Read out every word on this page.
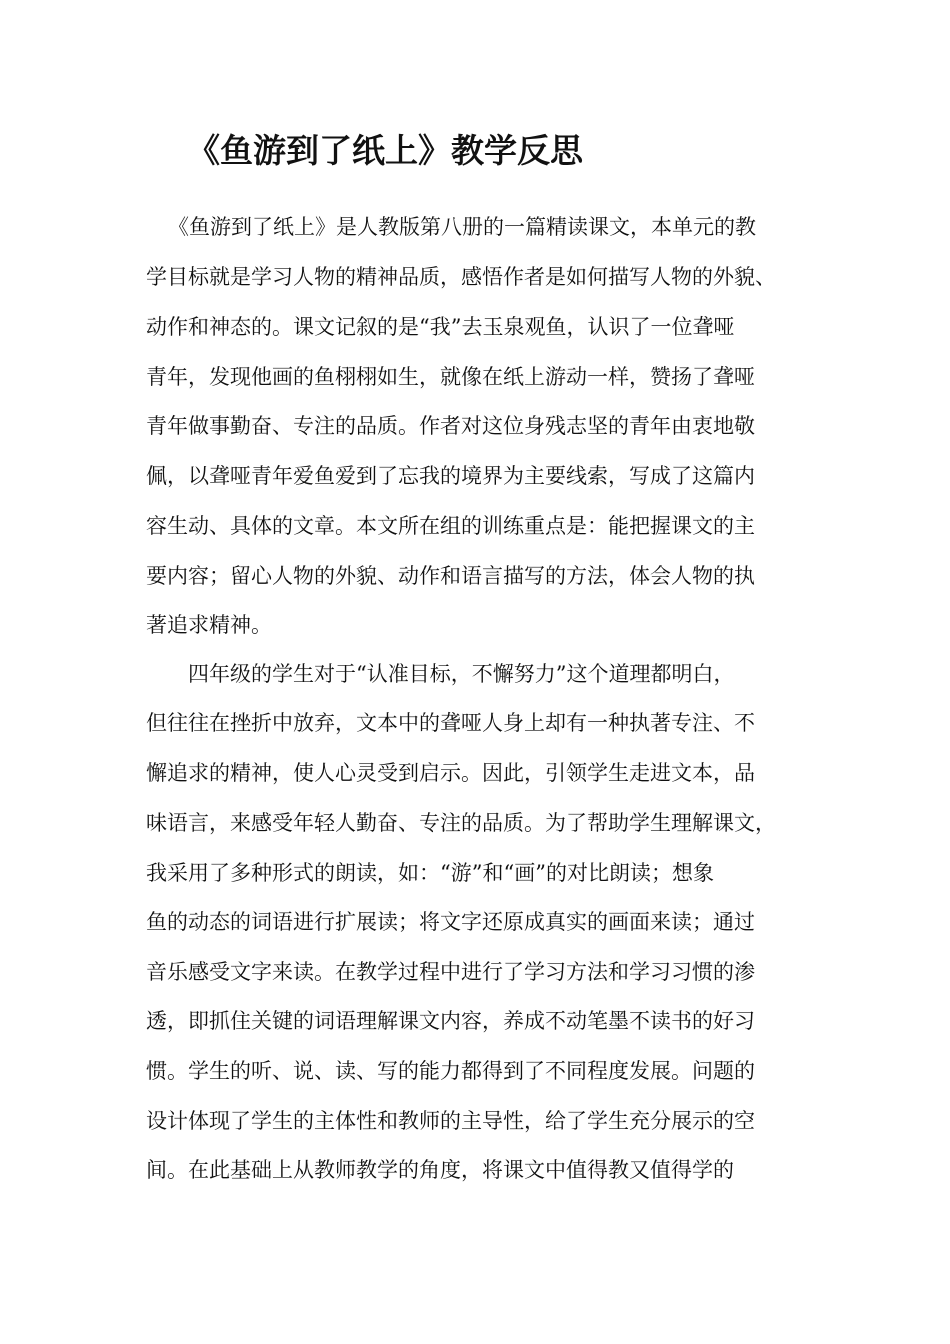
《鱼游到了纸上》教学反思
《鱼游到了纸上》是人教版第八册的一篇精读课文，本单元的教
学目标就是学习人物的精神品质，感悟作者是如何描写人物的外貌、
动作和神态的。课文记叙的是“我”去玉泉观鱼，认识了一位聋哑
青年，发现他画的鱼栩栩如生，就像在纸上游动一样，赞扬了聋哑
青年做事勤奋、专注的品质。作者对这位身残志坚的青年由衷地敬
佩，以聋哑青年爱鱼爱到了忘我的境界为主要线索，写成了这篇内
容生动、具体的文章。本文所在组的训练重点是：能把握课文的主
要内容；留心人物的外貌、动作和语言描写的方法，体会人物的执
著追求精神。
四年级的学生对于“认准目标，不懈努力”这个道理都明白，
但往往在挫折中放弃，文本中的聋哑人身上却有一种执著专注、不
懈追求的精神，使人心灵受到启示。因此，引领学生走进文本，品
味语言，来感受年轻人勤奋、专注的品质。为了帮助学生理解课文，
我采用了多种形式的朗读，如：“游”和“画”的对比朗读；想象
鱼的动态的词语进行扩展读；将文字还原成真实的画面来读；通过
音乐感受文字来读。在教学过程中进行了学习方法和学习习惯的渗
透，即抓住关键的词语理解课文内容，养成不动笔墨不读书的好习
惯。学生的听、说、读、写的能力都得到了不同程度发展。问题的
设计体现了学生的主体性和教师的主导性，给了学生充分展示的空
间。在此基础上从教师教学的角度，将课文中值得教又值得学的
